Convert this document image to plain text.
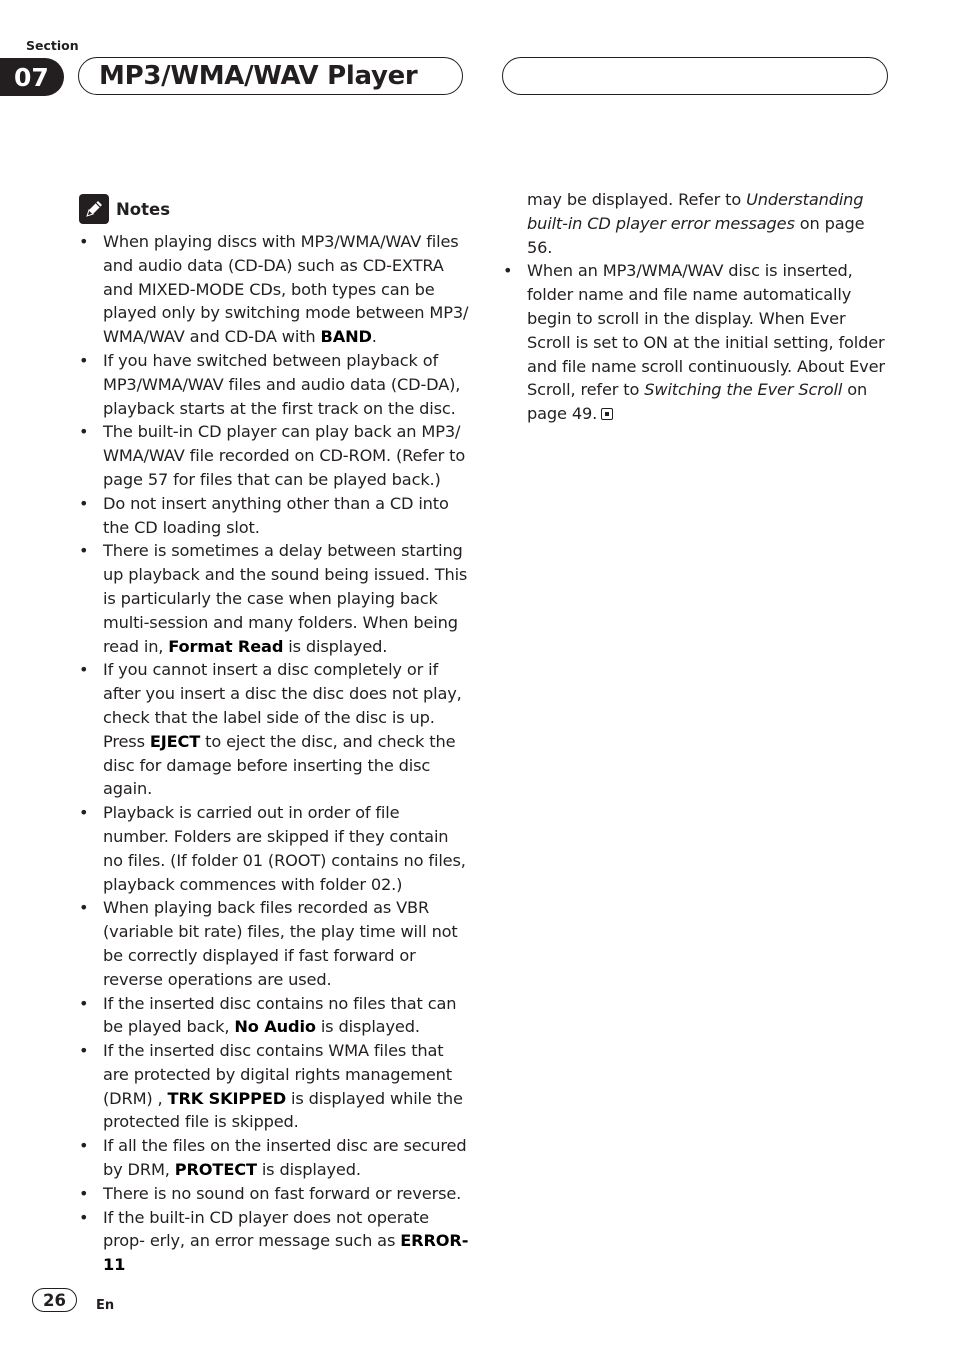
Section
07	MP3/WMA/WAV Player
Notes
• When playing discs with MP3/WMA/WAV files and audio data (CD-DA) such as CD-EXTRA and MIXED-MODE CDs, both types can be played only by switching mode between MP3/ WMA/WAV and CD-DA with BAND.
• If you have switched between playback of MP3/WMA/WAV files and audio data (CD-DA), playback starts at the first track on the disc.
• The built-in CD player can play back an MP3/ WMA/WAV file recorded on CD-ROM. (Refer to page 57 for files that can be played back.)
• Do not insert anything other than a CD into the CD loading slot.
• There is sometimes a delay between starting up playback and the sound being issued. This is particularly the case when playing back multi-session and many folders. When being read in, Format Read is displayed.
• If you cannot insert a disc completely or if after you insert a disc the disc does not play, check that the label side of the disc is up. Press EJECT to eject the disc, and check the disc for damage before inserting the disc again.
• Playback is carried out in order of file number. Folders are skipped if they contain no files. (If folder 01 (ROOT) contains no files, playback commences with folder 02.)
• When playing back files recorded as VBR (variable bit rate) files, the play time will not be correctly displayed if fast forward or reverse operations are used.
• If the inserted disc contains no files that can be played back, No Audio is displayed.
• If the inserted disc contains WMA files that are protected by digital rights management (DRM) , TRK SKIPPED is displayed while the protected file is skipped.
• If all the files on the inserted disc are secured by DRM, PROTECT is displayed.
• There is no sound on fast forward or reverse.
• If the built-in CD player does not operate prop- erly, an error message such as ERROR-11
may be displayed. Refer to Understanding built-in CD player error messages on page 56.
• When an MP3/WMA/WAV disc is inserted, folder name and file name automatically begin to scroll in the display. When Ever Scroll is set to ON at the initial setting, folder and file name scroll continuously. About Ever Scroll, refer to Switching the Ever Scroll on page 49.
26	En
